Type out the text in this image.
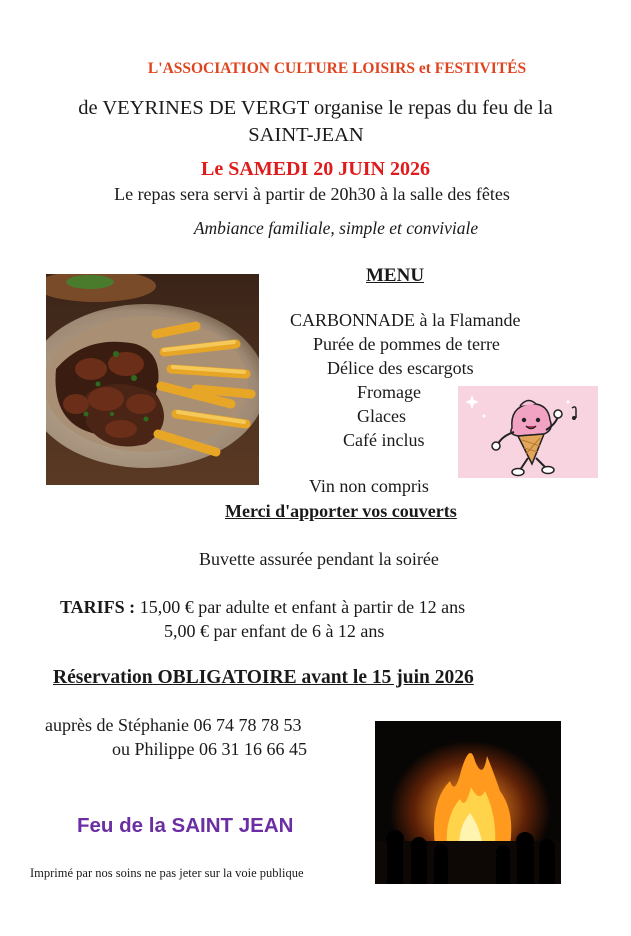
L'ASSOCIATION CULTURE LOISIRS et FESTIVITÉS
de VEYRINES DE VERGT organise le repas du feu de la
SAINT-JEAN
Le SAMEDI 20 JUIN 2026
Le repas sera servi à partir de 20h30 à la salle des fêtes
Ambiance familiale, simple et conviviale
MENU
CARBONNADE à la Flamande
Purée de pommes de terre
Délice des escargots
Fromage
Glaces
Café inclus
Vin non compris
Merci d'apporter vos couverts
Buvette assurée pendant la soirée
TARIFS : 15,00 € par adulte et enfant à partir de 12 ans
5,00 € par enfant de 6 à 12 ans
Réservation OBLIGATOIRE avant le 15 juin 2026
auprès de Stéphanie 06 74 78 78 53
ou Philippe 06 31 16 66 45
Feu de la SAINT JEAN
Imprimé par nos soins ne pas jeter sur la voie publique
